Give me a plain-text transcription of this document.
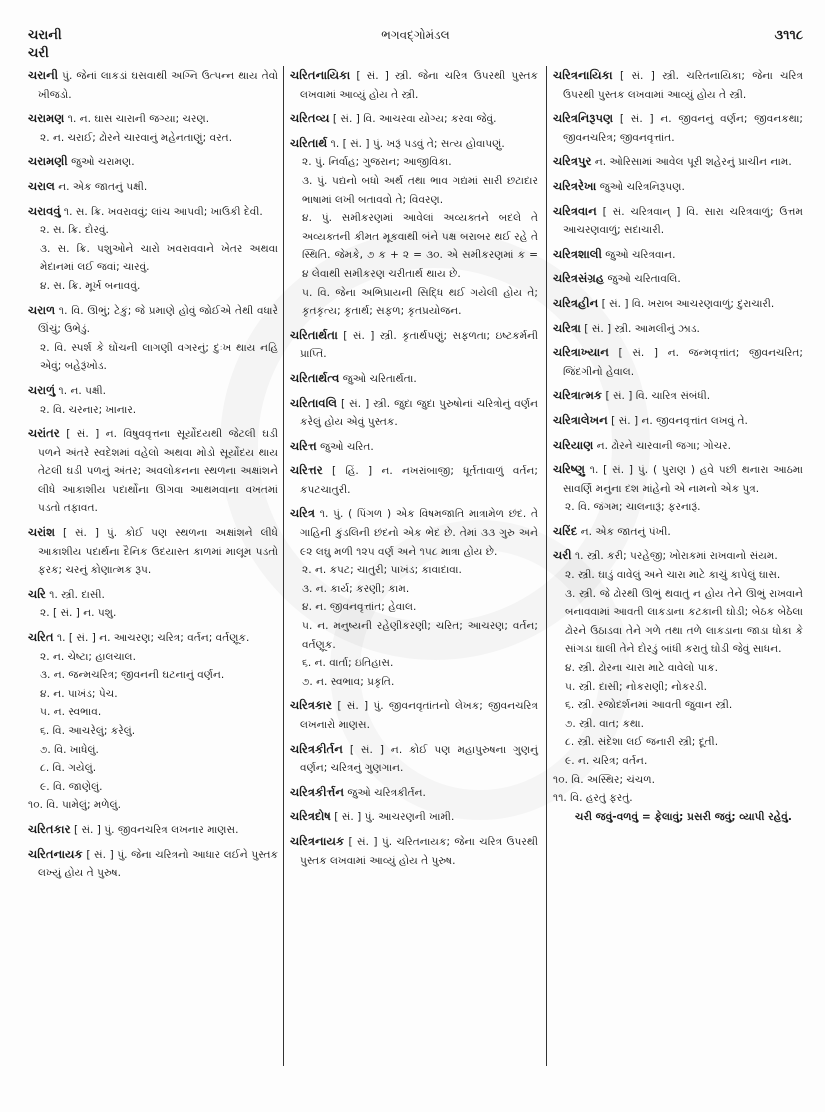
ચરાની
ચરી
ભગવદ્ગોમંડલ	૩૧૧૮
ચરાની પું. જેનાં લાકડાં ઘસવાથી અગ્નિ ઉત્પન્ન થાય તેવો ખીજડો.
ચરામણ ૧. ન. ઘાસ ચારાની જગ્યા; ચરણ.
૨. ન. ચરાઈ; ઢોરને ચારવાનું મહેનતાણું; વરત.
ચરામણી જુઓ ચરામણ.
ચરાલ ન. એક જાતનું પક્ષી.
ચરાવવું ૧. સ. ક્રિ. ખવરાવવું; લાંચ આપવી; ખાઉકી દેવી.
૨. સ. ક્રિ. દોરવું.
૩. સ. ક્રિ. પશુઓને ચારો ખવરાવવાને ખેતર અથવા મેદાનમાં લઈ જવાં; ચારવું.
૪. સ. ક્રિ. મૂર્ખ બનાવવું.
ચરાળ ૧. વિ. ઊભું; ટેકું; જે પ્રમાણે હોવું જોઈએ તેથી વધારે ઊંચું; ઉભેડું.
૨. વિ. સ્પર્શ કે ઘોંચની લાગણી વગરનું; દુઃખ થાય નહિ એવું; બહેરૂંખોડ.
ચરાળું ૧. ન. પક્ષી.
૨. વિ. ચરનાર; ખાનાર.
ચરાંતર [ સં. ] ન. વિષુવવૃત્તના સૂર્યોદયથી જેટલી ઘડી પળને અંતરે સ્વદેશમાં વહેલો અથવા મોડો સૂર્યોદય થાય તેટલી ઘડી પળનું અંતર; અવલોકનના સ્થળના અક્ષાંશને લીધે આકાશીય પદાર્થોના ઊગવા આથમવાના વખતમાં પડતો તફાવત.
ચરાંશ [ સં. ] પું. કોઈ પણ સ્થળના અક્ષાંશને લીધે આકાશીય પદાર્થના દૈનિક ઉદયાસ્ત કાળમાં માલૂમ પડતો ફરક; ચરનું કોણાત્મક રૂપ.
ચરિ ૧. સ્ત્રી. દાસી.
૨. [ સં. ] ન. પશુ.
ચરિત ૧. [ સં. ] ન. આચરણ; ચરિત્ર; વર્તન; વર્તણૂક.
૨. ન. ચેષ્ટા; હાલચાલ.
૩. ન. જન્મચરિત્ર; જીવનની ઘટનાનું વર્ણન.
૪. ન. પાખંડ; પેચ.
૫. ન. સ્વભાવ.
૬. વિ. આચરેલું; કરેલું.
૭. વિ. ખાધેલું.
૮. વિ. ગયેલું.
૯. વિ. જાણેલું.
૧૦. વિ. પામેલું; મળેલું.
ચરિતકાર [ સં. ] પું. જીવનચરિત્ર લખનાર માણસ.
ચરિતનાયક [ સં. ] પું. જેના ચરિત્રનો આધાર લઈને પુસ્તક લખ્યું હોય તે પુરુષ.
ચરિતનાયિકા [ સં. ] સ્ત્રી. જેના ચરિત્ર ઉપરથી પુસ્તક લખવામાં આવ્યું હોય તે સ્ત્રી.
ચરિતવ્ય [ સં. ] વિ. આચરવા યોગ્ય; કરવા જેવું.
ચરિતાર્થ ૧. [ સં. ] પું. ખરૂં પડવું તે; સત્ય હોવાપણું.
૨. પું. નિર્વાહ; ગુજરાન; આજીવિકા.
૩. પું. પદ્યનો બધો અર્થ તથા ભાવ ગદ્યમાં સારી છટાદાર ભાષામાં લખી બતાવવો તે; વિવરણ.
૪. પું. સમીકરણમાં આવેલાં અવ્યક્તને બદલે તે અવ્યક્તની કીમત મૂકવાથી બંને પક્ષ બરાબર થઈ રહે તે સ્થિતિ. જેમકે, ૭ ક + ૨ = ૩૦. એ સમીકરણમાં ક = ૪ લેવાથી સમીકરણ ચરીતાર્થ થાય છે.
૫. વિ. જેના અભિપ્રાયની સિદ્ધિ થઈ ગયેલી હોય તે; કૃતકૃત્ય; કૃતાર્થ; સફળ; કૃતપ્રયોજન.
ચરિતાર્થતા [ સં. ] સ્ત્રી. કૃતાર્થપણું; સફળતા; ઇષ્ટકર્મની પ્રાપ્તિ.
ચરિતાર્થત્વ જુઓ ચરિતાર્થતા.
ચરિતાવલિ [ સં. ] સ્ત્રી. જુદા જુદા પુરુષોનાં ચરિત્રોનું વર્ણન કરેલું હોય એવું પુસ્તક.
ચરિત્ત જુઓ ચરિત.
ચરિત્તર [ હિં. ] ન. નખરાંબાજી; ધૂર્તતાવાળું વર્તન; કપટચાતુરી.
ચરિત્ર ૧. પું. ( પિંગળ ) એક વિષમજાતિ માત્રામેળ છંદ. તે ગાહિની કુંડલિની છંદનો એક ભેદ છે. તેમાં ૩૩ ગુરુ અને ૯૨ લઘુ મળી ૧૨૫ વર્ણ અને ૧૫૮ માત્રા હોય છે.
૨. ન. કપટ; ચાતુરી; પાખંડ; કાવાદાવા.
૩. ન. કાર્ય; કરણી; કામ.
૪. ન. જીવનવૃત્તાંત; હેવાલ.
૫. ન. મનુષ્યની રહેણીકરણી; ચરિત; આચરણ; વર્તન; વર્તણૂક.
૬. ન. વાર્તા; ઇતિહાસ.
૭. ન. સ્વભાવ; પ્રકૃતિ.
ચરિત્રકાર [ સં. ] પું. જીવનવૃતાંતનો લેખક; જીવનચરિત્ર લખનારો માણસ.
ચરિત્રકીર્તન [ સં. ] ન. કોઈ પણ મહાપુરુષના ગુણનું વર્ણન; ચરિત્રનું ગુણગાન.
ચરિત્રકીર્ત્તન જુઓ ચરિત્રકીર્તન.
ચરિત્રદોષ [ સં. ] પું. આચરણની ખામી.
ચરિત્રનાયક [ સં. ] પું. ચરિતનાયક; જેના ચરિત્ર ઉપરથી પુસ્તક લખવામાં આવ્યું હોય તે પુરુષ.
ચરિત્રનાયિકા [ સં. ] સ્ત્રી. ચરિતનાયિકા; જેના ચરિત્ર ઉપરથી પુસ્તક લખવામાં આવ્યું હોય તે સ્ત્રી.
ચરિત્રનિરૂપણ [ સં. ] ન. જીવનનું વર્ણન; જીવનકથા; જીવનચરિત્ર; જીવનવૃત્તાંત.
ચરિત્રપુર ન. ઓરિસામાં આવેલ પૂરી શહેરનું પ્રાચીન નામ.
ચરિત્રરેખા જુઓ ચરિત્રનિરૂપણ.
ચરિત્રવાન [ સં. ચરિત્રવાન્ ] વિ. સારા ચરિત્રવાળું; ઉત્તમ આચરણવાળું; સદાચારી.
ચરિત્રશાલી જુઓ ચરિત્રવાન.
ચરિત્રસંગ્રહ જુઓ ચરિતાવલિ.
ચરિત્રહીન [ સં. ] વિ. ખરાબ આચરણવાળું; દુરાચારી.
ચરિત્રા [ સં. ] સ્ત્રી. આમલીનું ઝાડ.
ચરિત્રાખ્યાન [ સં. ] ન. જન્મવૃત્તાંત; જીવનચરિત; જિંદગીનો હેવાલ.
ચરિત્રાત્મક [ સં. ] વિ. ચારિત્ર સંબંધી.
ચરિત્રાલેખન [ સં. ] ન. જીવનવૃત્તાંત લખવું તે.
ચરિયાણ ન. ઢોરને ચારવાની જગા; ગોચર.
ચરિષ્ણુ ૧. [ સં. ] પું. ( પુરાણ ) હવે પછી થનારા આઠમા સાવર્ણિ મનુના દશ માંહેનો એ નામનો એક પુત્ર.
૨. વિ. જંગમ; ચાલનારૂં; ફરનારૂં.
ચરિંદ ન. એક જાતનું પંખી.
ચરી ૧. સ્ત્રી. કરી; પરહેજી; ખોરાકમાં રાખવાનો સંયમ.
૨. સ્ત્રી. ઘાડું વાવેલું અને ચારા માટે કાચું કાપેલું ઘાસ.
૩. સ્ત્રી. જે ઢોરથી ઊભું થવાતું ન હોય તેને ઊભું રાખવાને બનાવવામાં આવતી લાકડાના કટકાની ઘોડી; બેઠક બેઠેલા ઢોરને ઉઠાડવા તેને ગળે તથા તળે લાકડાના જાડા ધોકા કે સાંગડા ઘાલી તેને દોરડું બાંધી કરાતું ઘોડી જેવું સાધન.
૪. સ્ત્રી. ઢોરના ચારા માટે વાવેલો પાક.
૫. સ્ત્રી. દાસી; નોકરાણી; નોકરડી.
૬. સ્ત્રી. રજોદર્શનમાં આવતી જુવાન સ્ત્રી.
૭. સ્ત્રી. વાત; કથા.
૮. સ્ત્રી. સંદેશા લઈ જનારી સ્ત્રી; દૂતી.
૯. ન. ચરિત્ર; વર્તન.
૧૦. વિ. અસ્થિર; ચંચળ.
૧૧. વિ. હરતું ફરતું.
ચરી જવું-વળવું = ફેલાવું; પ્રસરી જવું; વ્યાપી રહેવું.
